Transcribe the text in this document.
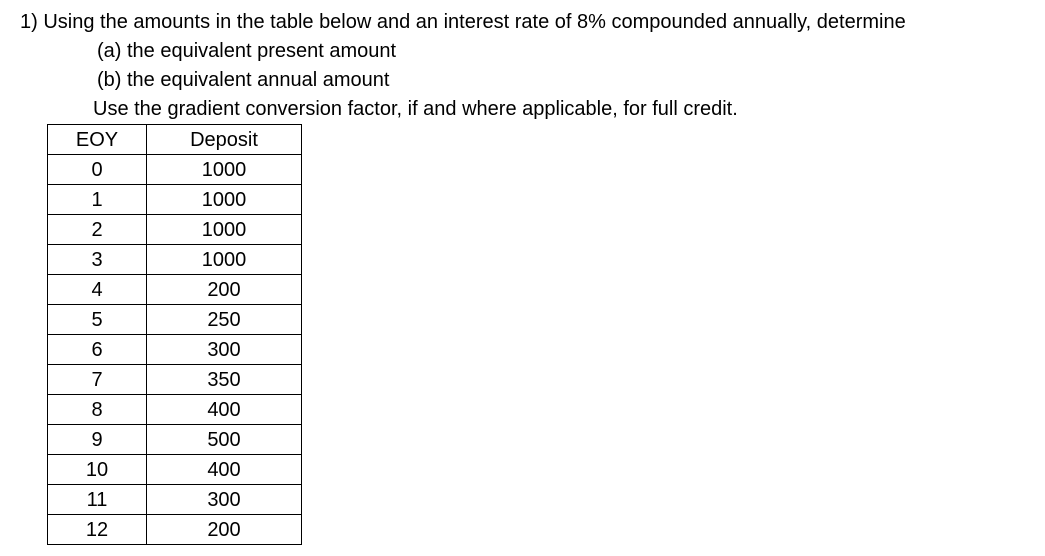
1) Using the amounts in the table below and an interest rate of 8% compounded annually, determine
(a) the equivalent present amount
(b) the equivalent annual amount
Use the gradient conversion factor, if and where applicable, for full credit.
EOY	Deposit
0	1000
1	1000
2	1000
3	1000
4	200
5	250
6	300
7	350
8	400
9	500
10	400
11	300
12	200
